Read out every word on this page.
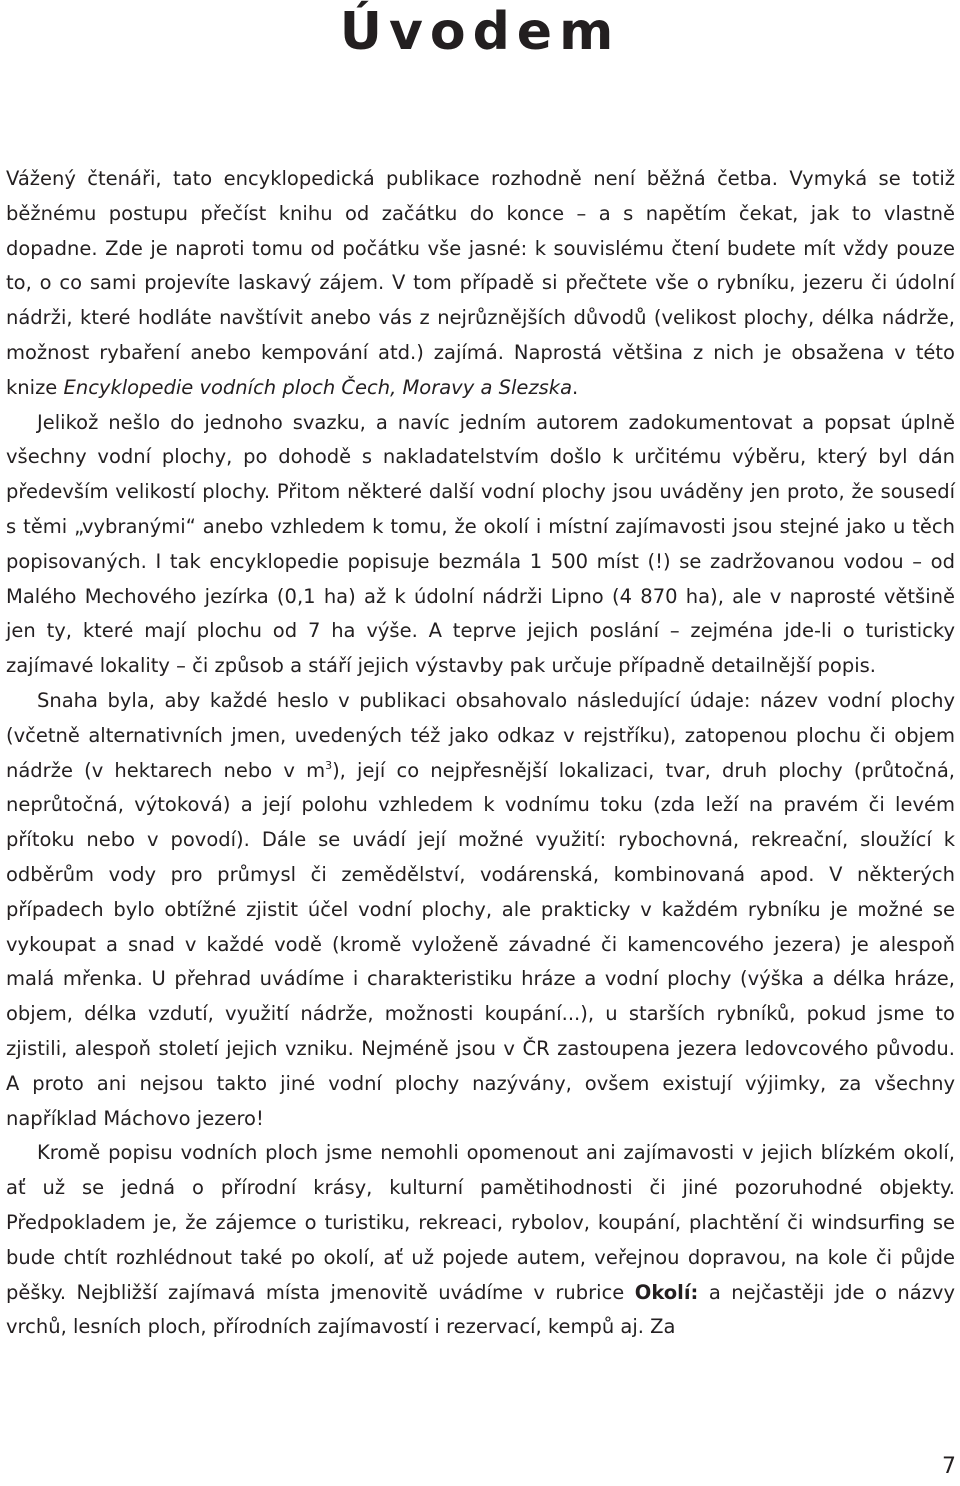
Úvodem

Vážený čtenáři, tato encyklopedická publikace rozhodně není běžná četba. Vymyká se totiž běžnému postupu přečíst knihu od začátku do konce – a s napětím čekat, jak to vlastně dopadne. Zde je naproti tomu od počátku vše jasné: k souvislému čtení budete mít vždy pouze to, o co sami projevíte laskavý zájem. V tom případě si přečtete vše o rybníku, jezeru či údolní nádrži, které hodláte navštívit anebo vás z nejrůznějších důvodů (velikost plochy, délka nádrže, možnost rybaření anebo kempování atd.) zajímá. Naprostá většina z nich je obsažena v této knize Encyklopedie vodních ploch Čech, Moravy a Slezska.

Jelikož nešlo do jednoho svazku, a navíc jedním autorem zadokumentovat a popsat úplně všechny vodní plochy, po dohodě s nakladatelstvím došlo k určitému výběru, který byl dán především velikostí plochy. Přitom některé další vodní plochy jsou uváděny jen proto, že sousedí s těmi „vybranými“ anebo vzhledem k tomu, že okolí i místní zajímavosti jsou stejné jako u těch popisovaných. I tak encyklopedie popisuje bezmála 1 500 míst (!) se zadržovanou vodou – od Malého Mechového jezírka (0,1 ha) až k údolní nádrži Lipno (4 870 ha), ale v naprosté většině jen ty, které mají plochu od 7 ha výše. A teprve jejich poslání – zejména jde-li o turisticky zajímavé lokality – či způsob a stáří jejich výstavby pak určuje případně detailnější popis.

Snaha byla, aby každé heslo v publikaci obsahovalo následující údaje: název vodní plochy (včetně alternativních jmen, uvedených též jako odkaz v rejstříku), zatopenou plochu či objem nádrže (v hektarech nebo v $m^3$), její co nejpřesnější lokalizaci, tvar, druh plochy (průtočná, neprůtočná, výtoková) a její polohu vzhledem k vodnímu toku (zda leží na pravém či levém přítoku nebo v povodí). Dále se uvádí její možné využití: rybochovná, rekreační, sloužící k odběrům vody pro průmysl či zemědělství, vodárenská, kombinovaná apod. V některých případech bylo obtížné zjistit účel vodní plochy, ale prakticky v každém rybníku je možné se vykoupat a snad v každé vodě (kromě vyloženě závadné či kamencového jezera) je alespoň malá mřenka. U přehrad uvádíme i charakteristiku hráze a vodní plochy (výška a délka hráze, objem, délka vzdutí, využití nádrže, možnosti koupání...), u starších rybníků, pokud jsme to zjistili, alespoň století jejich vzniku. Nejméně jsou v ČR zastoupena jezera ledovcového původu. A proto ani nejsou takto jiné vodní plochy nazývány, ovšem existují výjimky, za všechny například Máchovo jezero!

Kromě popisu vodních ploch jsme nemohli opomenout ani zajímavosti v jejich blízkém okolí, ať už se jedná o přírodní krásy, kulturní pamětihodnosti či jiné pozoruhodné objekty. Předpokladem je, že zájemce o turistiku, rekreaci, rybolov, koupání, plachtění či windsurfing se bude chtít rozhlédnout také po okolí, ať už pojede autem, veřejnou dopravou, na kole či půjde pěšky. Nejbližší zajímavá místa jmenovitě uvádíme v rubrice Okolí: a nejčastěji jde o názvy vrchů, lesních ploch, přírodních zajímavostí i rezervací, kempů aj. Za

7
